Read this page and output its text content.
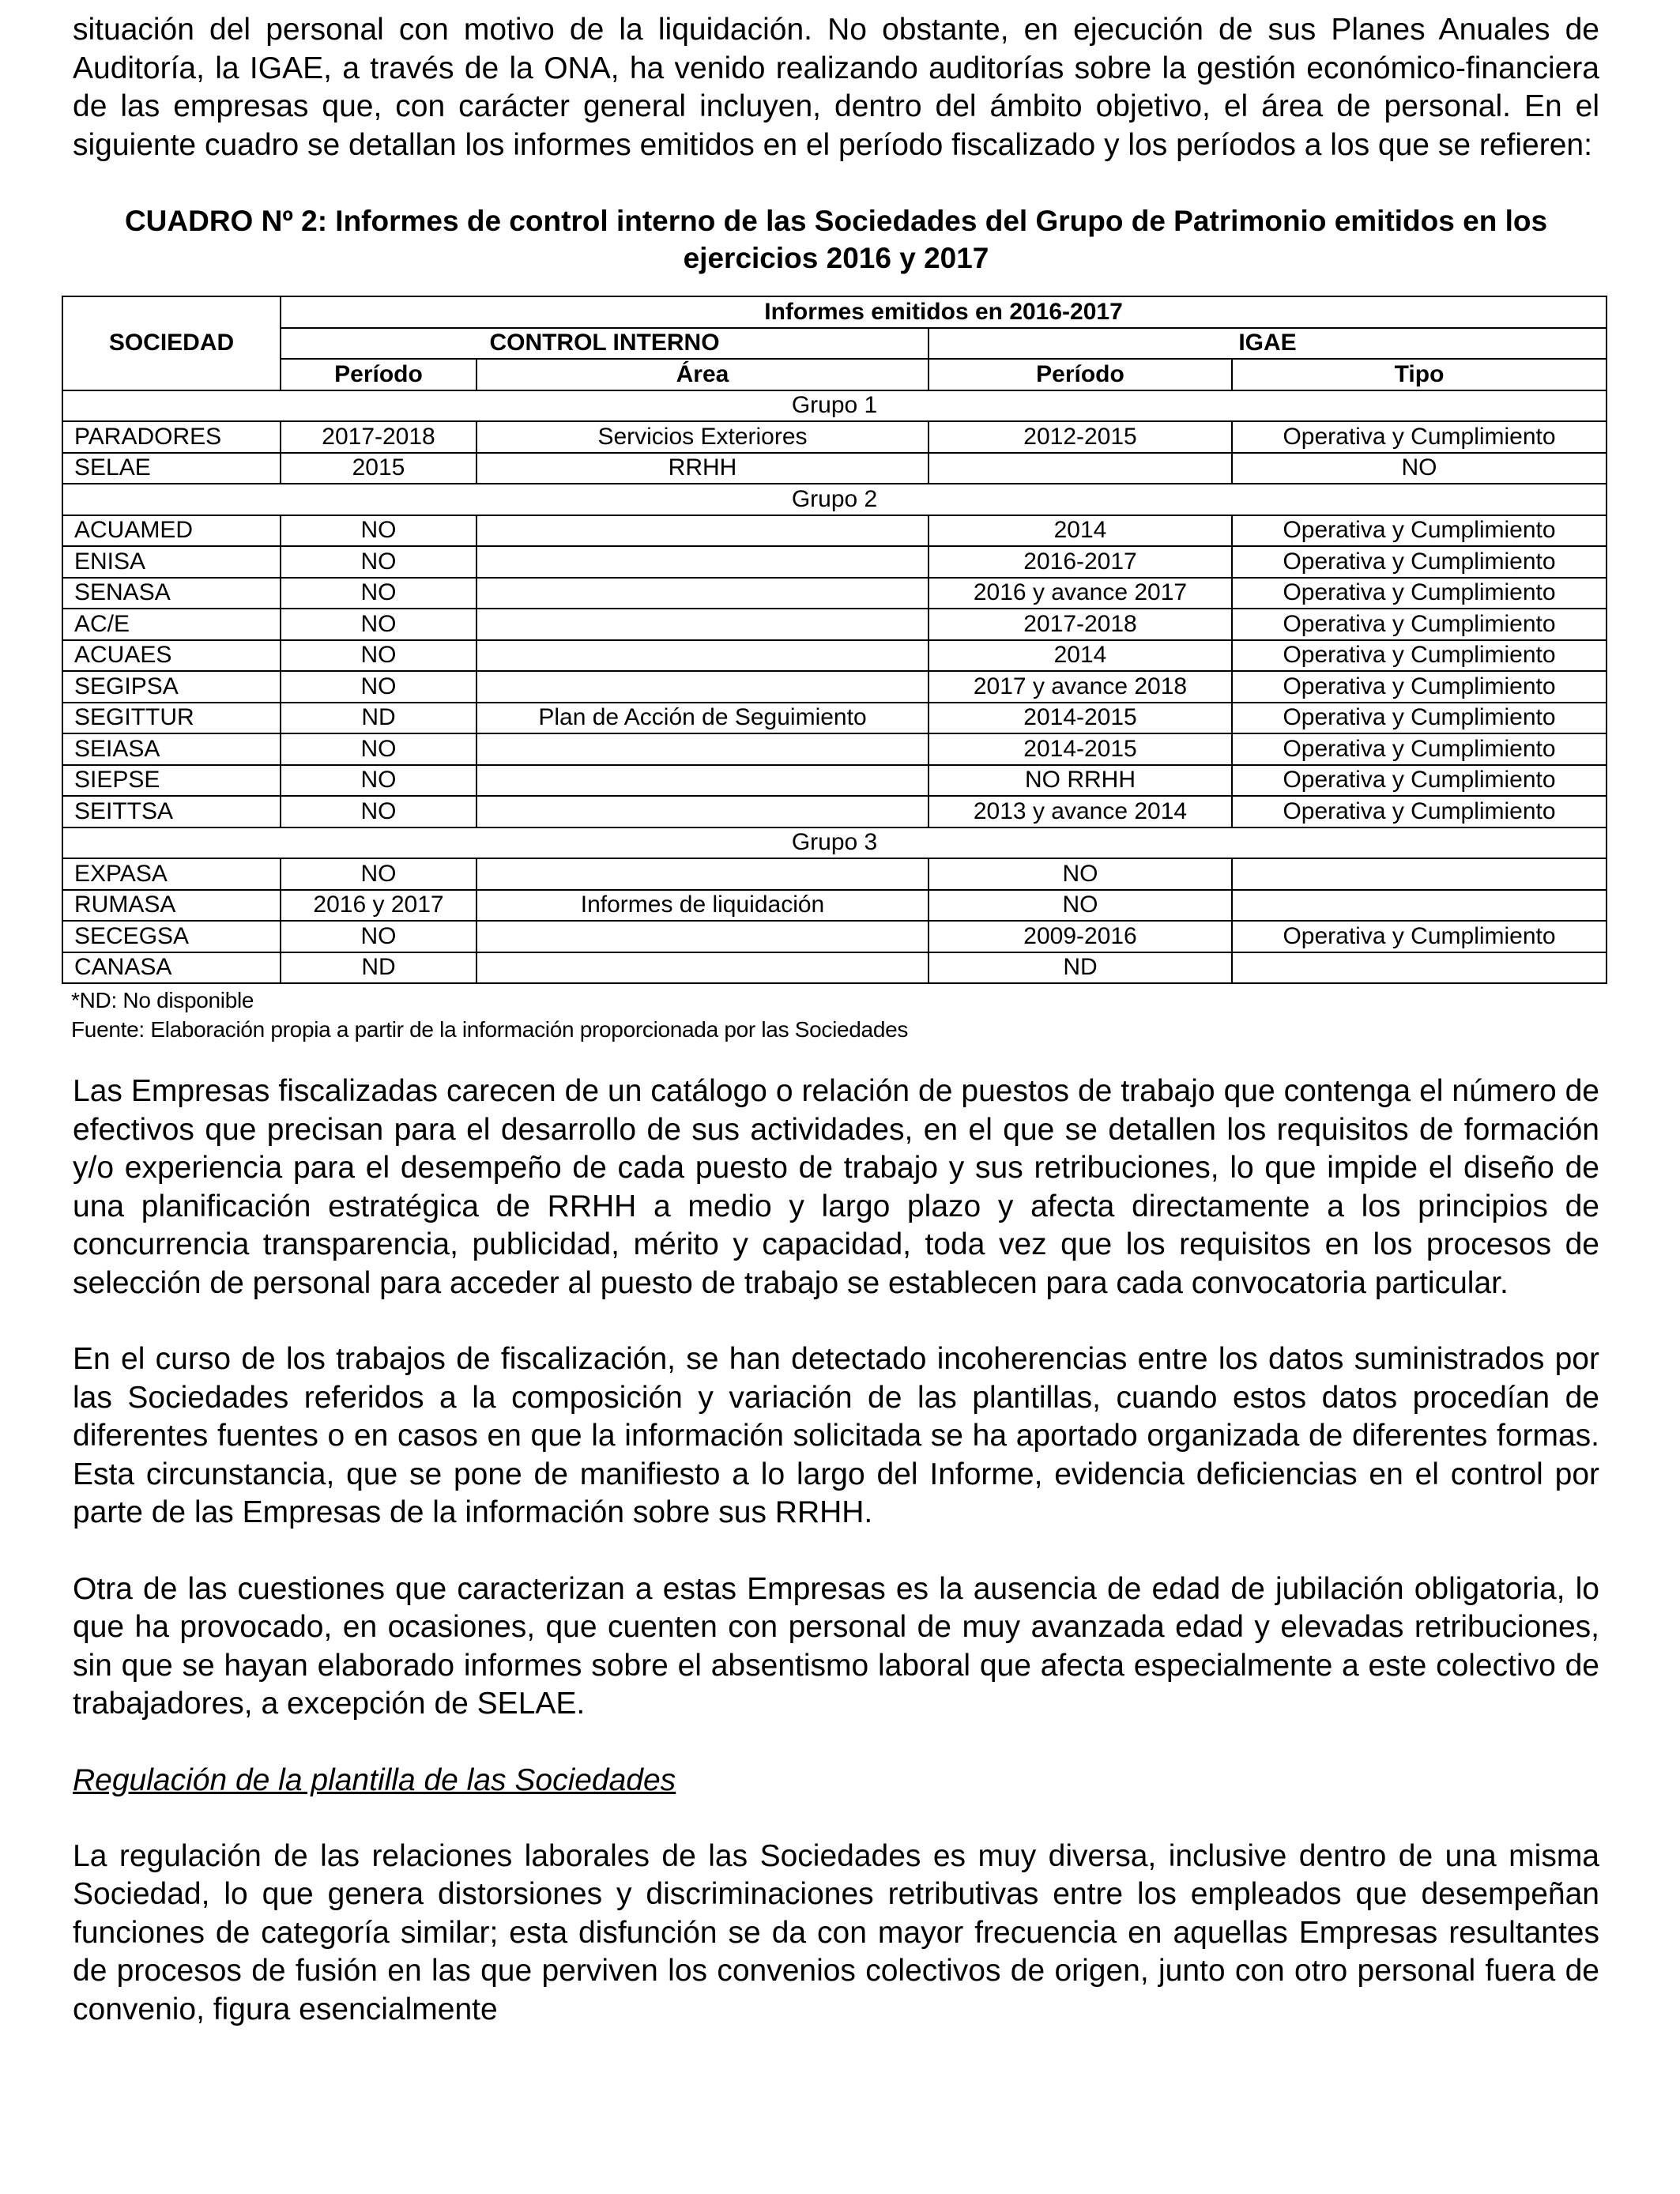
situación del personal con motivo de la liquidación. No obstante, en ejecución de sus Planes Anuales de Auditoría, la IGAE, a través de la ONA, ha venido realizando auditorías sobre la gestión económico-financiera de las empresas que, con carácter general incluyen, dentro del ámbito objetivo, el área de personal. En el siguiente cuadro se detallan los informes emitidos en el período fiscalizado y los períodos a los que se refieren:

CUADRO Nº 2: Informes de control interno de las Sociedades del Grupo de Patrimonio emitidos en los ejercicios 2016 y 2017
SOCIEDAD	Informes emitidos en 2016-2017			
	CONTROL INTERNO		IGAE	
	Período	Área	Período	Tipo
Grupo 1				
PARADORES	2017-2018	Servicios Exteriores	2012-2015	Operativa y Cumplimiento
SELAE	2015	RRHH		NO
Grupo 2				
ACUAMED	NO		2014	Operativa y Cumplimiento
ENISA	NO		2016-2017	Operativa y Cumplimiento
SENASA	NO		2016 y avance 2017	Operativa y Cumplimiento
AC/E	NO		2017-2018	Operativa y Cumplimiento
ACUAES	NO		2014	Operativa y Cumplimiento
SEGIPSA	NO		2017 y avance 2018	Operativa y Cumplimiento
SEGITTUR	ND	Plan de Acción de Seguimiento	2014-2015	Operativa y Cumplimiento
SEIASA	NO		2014-2015	Operativa y Cumplimiento
SIEPSE	NO		NO RRHH	Operativa y Cumplimiento
SEITTSA	NO		2013 y avance 2014	Operativa y Cumplimiento
Grupo 3				
EXPASA	NO		NO	
RUMASA	2016 y 2017	Informes de liquidación	NO	
SECEGSA	NO		2009-2016	Operativa y Cumplimiento
CANASA	ND		ND	
*ND: No disponible
Fuente: Elaboración propia a partir de la información proporcionada por las Sociedades

Las Empresas fiscalizadas carecen de un catálogo o relación de puestos de trabajo que contenga el número de efectivos que precisan para el desarrollo de sus actividades, en el que se detallen los requisitos de formación y/o experiencia para el desempeño de cada puesto de trabajo y sus retribuciones, lo que impide el diseño de una planificación estratégica de RRHH a medio y largo plazo y afecta directamente a los principios de concurrencia transparencia, publicidad, mérito y capacidad, toda vez que los requisitos en los procesos de selección de personal para acceder al puesto de trabajo se establecen para cada convocatoria particular.

En el curso de los trabajos de fiscalización, se han detectado incoherencias entre los datos suministrados por las Sociedades referidos a la composición y variación de las plantillas, cuando estos datos procedían de diferentes fuentes o en casos en que la información solicitada se ha aportado organizada de diferentes formas. Esta circunstancia, que se pone de manifiesto a lo largo del Informe, evidencia deficiencias en el control por parte de las Empresas de la información sobre sus RRHH.

Otra de las cuestiones que caracterizan a estas Empresas es la ausencia de edad de jubilación obligatoria, lo que ha provocado, en ocasiones, que cuenten con personal de muy avanzada edad y elevadas retribuciones, sin que se hayan elaborado informes sobre el absentismo laboral que afecta especialmente a este colectivo de trabajadores, a excepción de SELAE.

Regulación de la plantilla de las Sociedades

La regulación de las relaciones laborales de las Sociedades es muy diversa, inclusive dentro de una misma Sociedad, lo que genera distorsiones y discriminaciones retributivas entre los empleados que desempeñan funciones de categoría similar; esta disfunción se da con mayor frecuencia en aquellas Empresas resultantes de procesos de fusión en las que perviven los convenios colectivos de origen, junto con otro personal fuera de convenio, figura esencialmente
